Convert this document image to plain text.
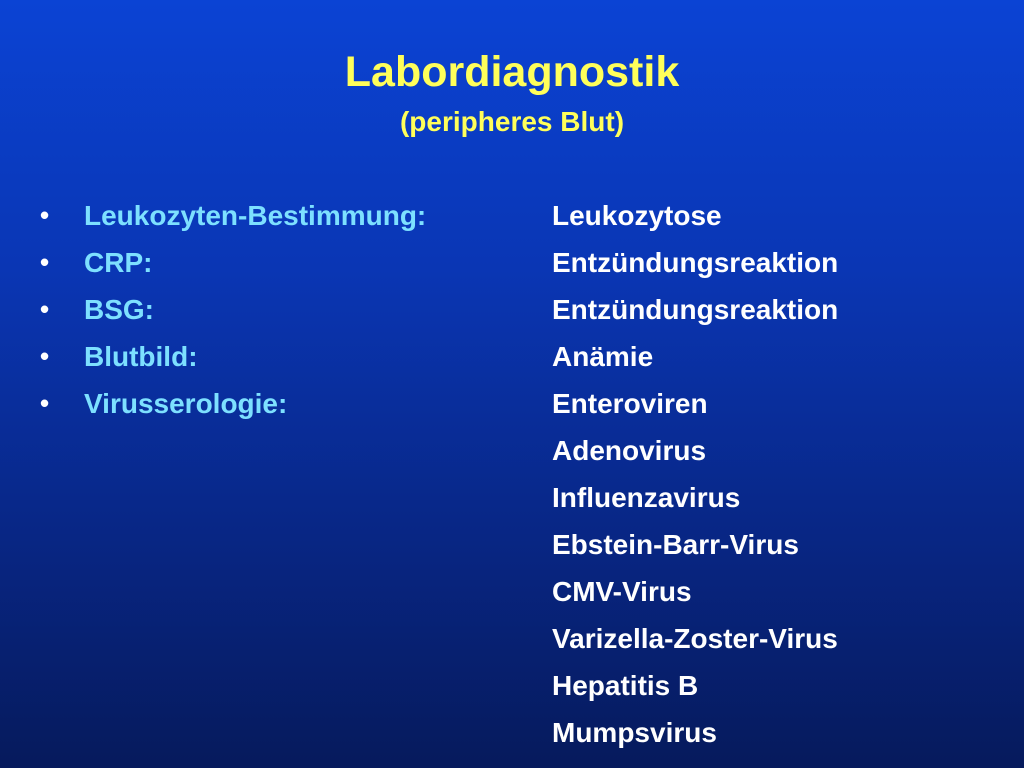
Labordiagnostik
(peripheres Blut)
• Leukozyten-Bestimmung:	Leukozytose
• CRP:	Entzündungsreaktion
• BSG:	Entzündungsreaktion
• Blutbild:	Anämie
• Virusserologie:	Enteroviren
Adenovirus
Influenzavirus
Ebstein-Barr-Virus
CMV-Virus
Varizella-Zoster-Virus
Hepatitis B
Mumpsvirus
